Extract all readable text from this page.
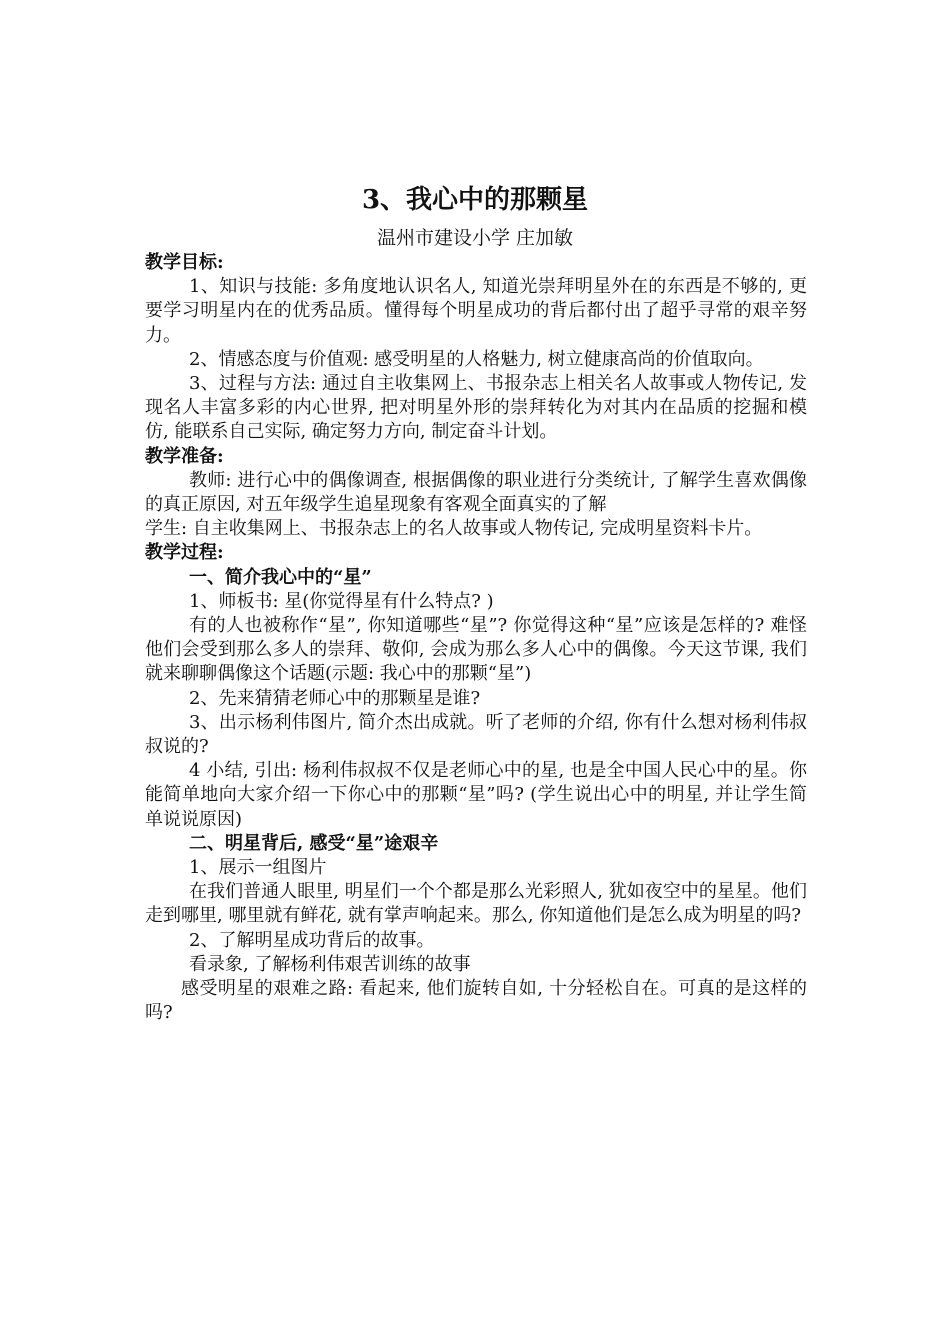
3、我心中的那颗星
温州市建设小学 庄加敏

教学目标:

1、知识与技能: 多角度地认识名人, 知道光崇拜明星外在的东西是不够的, 更要学习明星内在的优秀品质。懂得每个明星成功的背后都付出了超乎寻常的艰辛努力。

2、情感态度与价值观: 感受明星的人格魅力, 树立健康高尚的价值取向。

3、过程与方法: 通过自主收集网上、书报杂志上相关名人故事或人物传记, 发现名人丰富多彩的内心世界, 把对明星外形的崇拜转化为对其内在品质的挖掘和模仿, 能联系自己实际, 确定努力方向, 制定奋斗计划。

教学准备:

教师: 进行心中的偶像调查, 根据偶像的职业进行分类统计, 了解学生喜欢偶像的真正原因, 对五年级学生追星现象有客观全面真实的了解

学生: 自主收集网上、书报杂志上的名人故事或人物传记, 完成明星资料卡片。

教学过程:

一、简介我心中的“星”

1、师板书: 星(你觉得星有什么特点? )

有的人也被称作“星”, 你知道哪些“星”? 你觉得这种“星”应该是怎样的? 难怪他们会受到那么多人的崇拜、敬仰, 会成为那么多人心中的偶像。今天这节课, 我们就来聊聊偶像这个话题(示题: 我心中的那颗“星”)

2、先来猜猜老师心中的那颗星是谁?

3、出示杨利伟图片, 简介杰出成就。听了老师的介绍, 你有什么想对杨利伟叔叔说的?

4 小结, 引出: 杨利伟叔叔不仅是老师心中的星, 也是全中国人民心中的星。你能简单地向大家介绍一下你心中的那颗“星”吗? (学生说出心中的明星, 并让学生简单说说原因)

二、明星背后, 感受“星”途艰辛

1、展示一组图片

在我们普通人眼里, 明星们一个个都是那么光彩照人, 犹如夜空中的星星。他们走到哪里, 哪里就有鲜花, 就有掌声响起来。那么, 你知道他们是怎么成为明星的吗?

2、了解明星成功背后的故事。

看录象, 了解杨利伟艰苦训练的故事

感受明星的艰难之路: 看起来, 他们旋转自如, 十分轻松自在。可真的是这样的吗?
